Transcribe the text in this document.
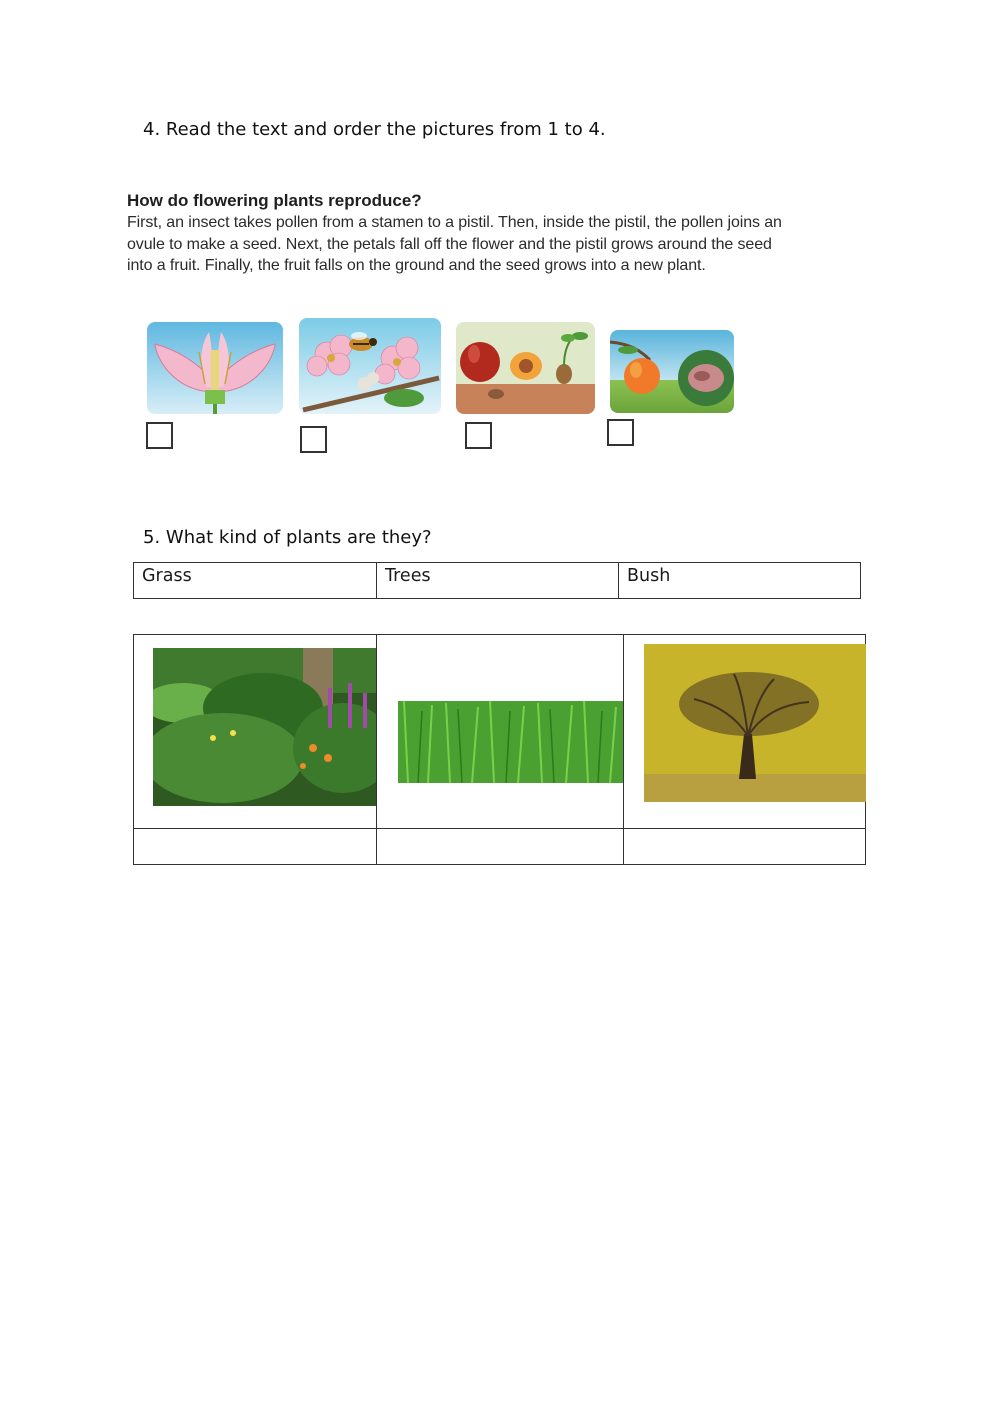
4. Read the text and order the pictures from 1 to 4.

How do flowering plants reproduce?

First, an insect takes pollen from a stamen to a pistil. Then, inside the pistil, the pollen joins an ovule to make a seed. Next, the petals fall off the flower and the pistil grows around the seed into a fruit. Finally, the fruit falls on the ground and the seed grows into a new plant.

5. What kind of plants are they?
Grass	Trees	Bush
